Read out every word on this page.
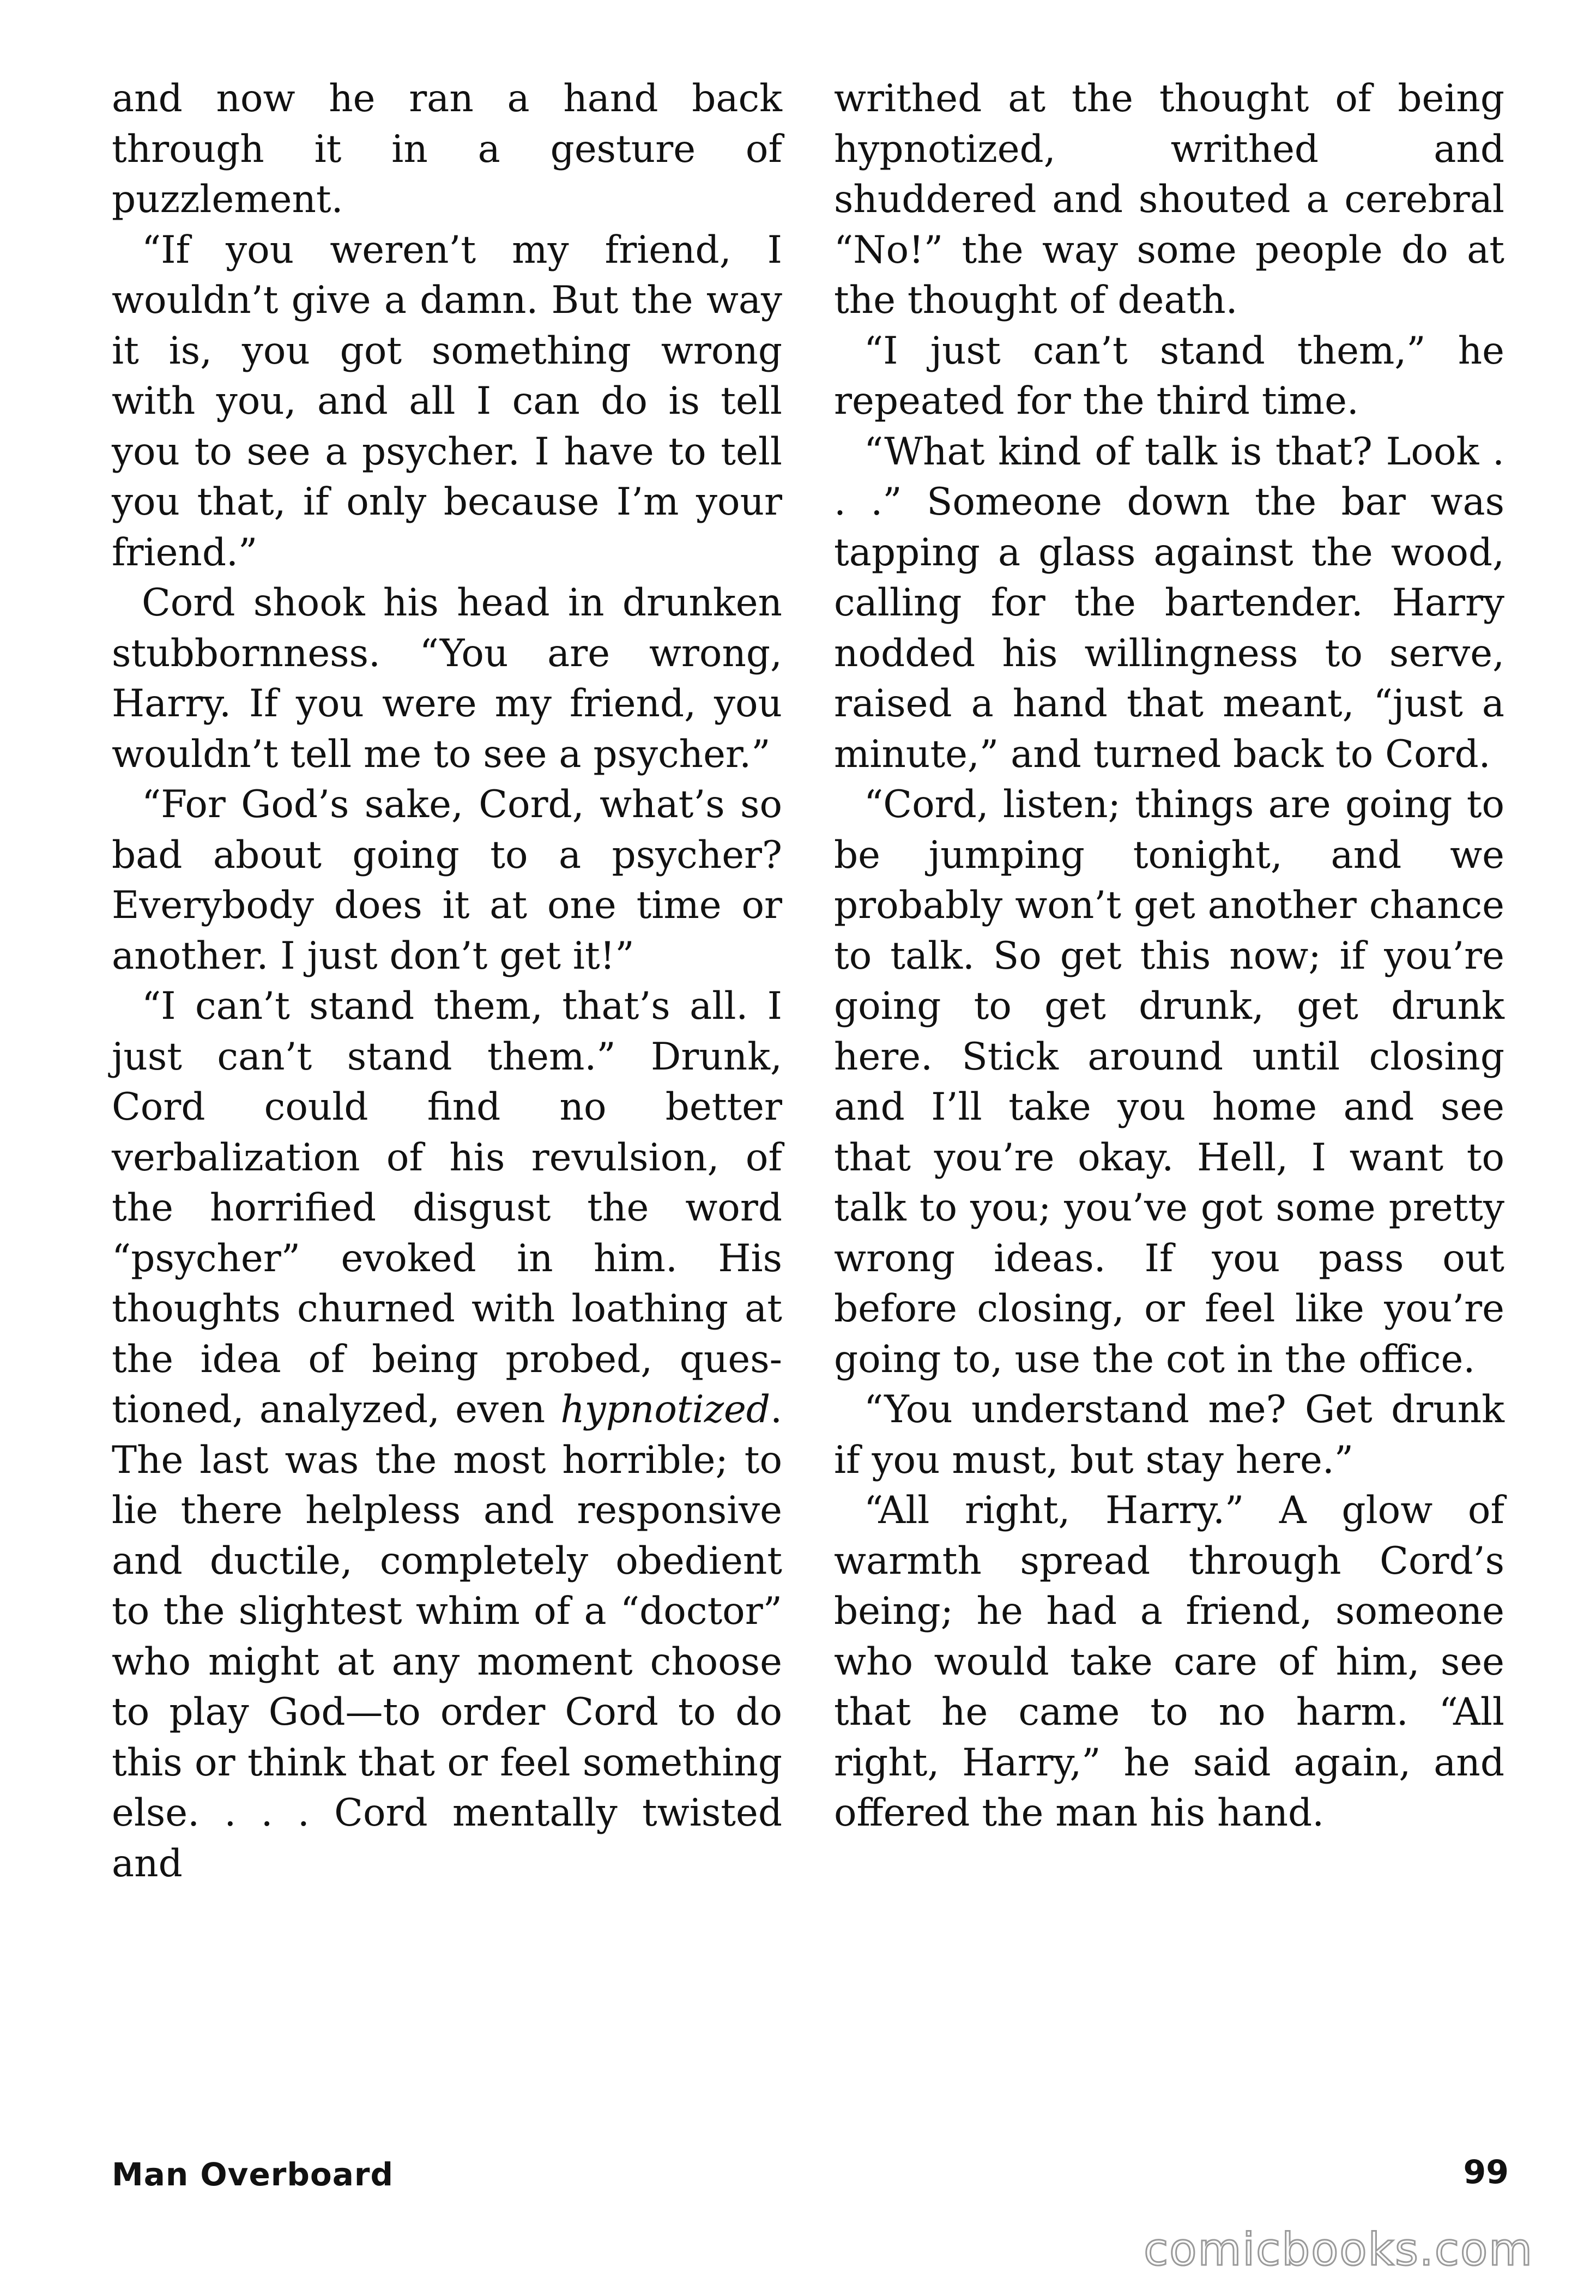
and now he ran a hand back through it in a gesture of puzzlement.

“If you weren’t my friend, I wouldn’t give a damn. But the way it is, you got something wrong with you, and all I can do is tell you to see a psycher. I have to tell you that, if only because I’m your friend.”

Cord shook his head in drunken stubbornness. “You are wrong, Harry. If you were my friend, you wouldn’t tell me to see a psycher.”

“For God’s sake, Cord, what’s so bad about going to a psycher? Everybody does it at one time or another. I just don’t get it!”

“I can’t stand them, that’s all. I just can’t stand them.” Drunk, Cord could find no better verbalization of his revulsion, of the horrified disgust the word “psycher” evoked in him. His thoughts churned with loathing at the idea of being probed, questioned, analyzed, even hypnotized. The last was the most horrible; to lie there helpless and responsive and ductile, completely obedient to the slightest whim of a “doctor” who might at any moment choose to play God—to order Cord to do this or think that or feel something else. . . . Cord mentally twisted and

writhed at the thought of being hypnotized, writhed and shuddered and shouted a cerebral “No!” the way some people do at the thought of death.

“I just can’t stand them,” he repeated for the third time.

“What kind of talk is that? Look . . .” Someone down the bar was tapping a glass against the wood, calling for the bartender. Harry nodded his willingness to serve, raised a hand that meant, “just a minute,” and turned back to Cord.

“Cord, listen; things are going to be jumping tonight, and we probably won’t get another chance to talk. So get this now; if you’re going to get drunk, get drunk here. Stick around until closing and I’ll take you home and see that you’re okay. Hell, I want to talk to you; you’ve got some pretty wrong ideas. If you pass out before closing, or feel like you’re going to, use the cot in the office.

“You understand me? Get drunk if you must, but stay here.”

“All right, Harry.” A glow of warmth spread through Cord’s being; he had a friend, someone who would take care of him, see that he came to no harm. “All right, Harry,” he said again, and offered the man his hand.

Man Overboard	99
comicbooks.com
